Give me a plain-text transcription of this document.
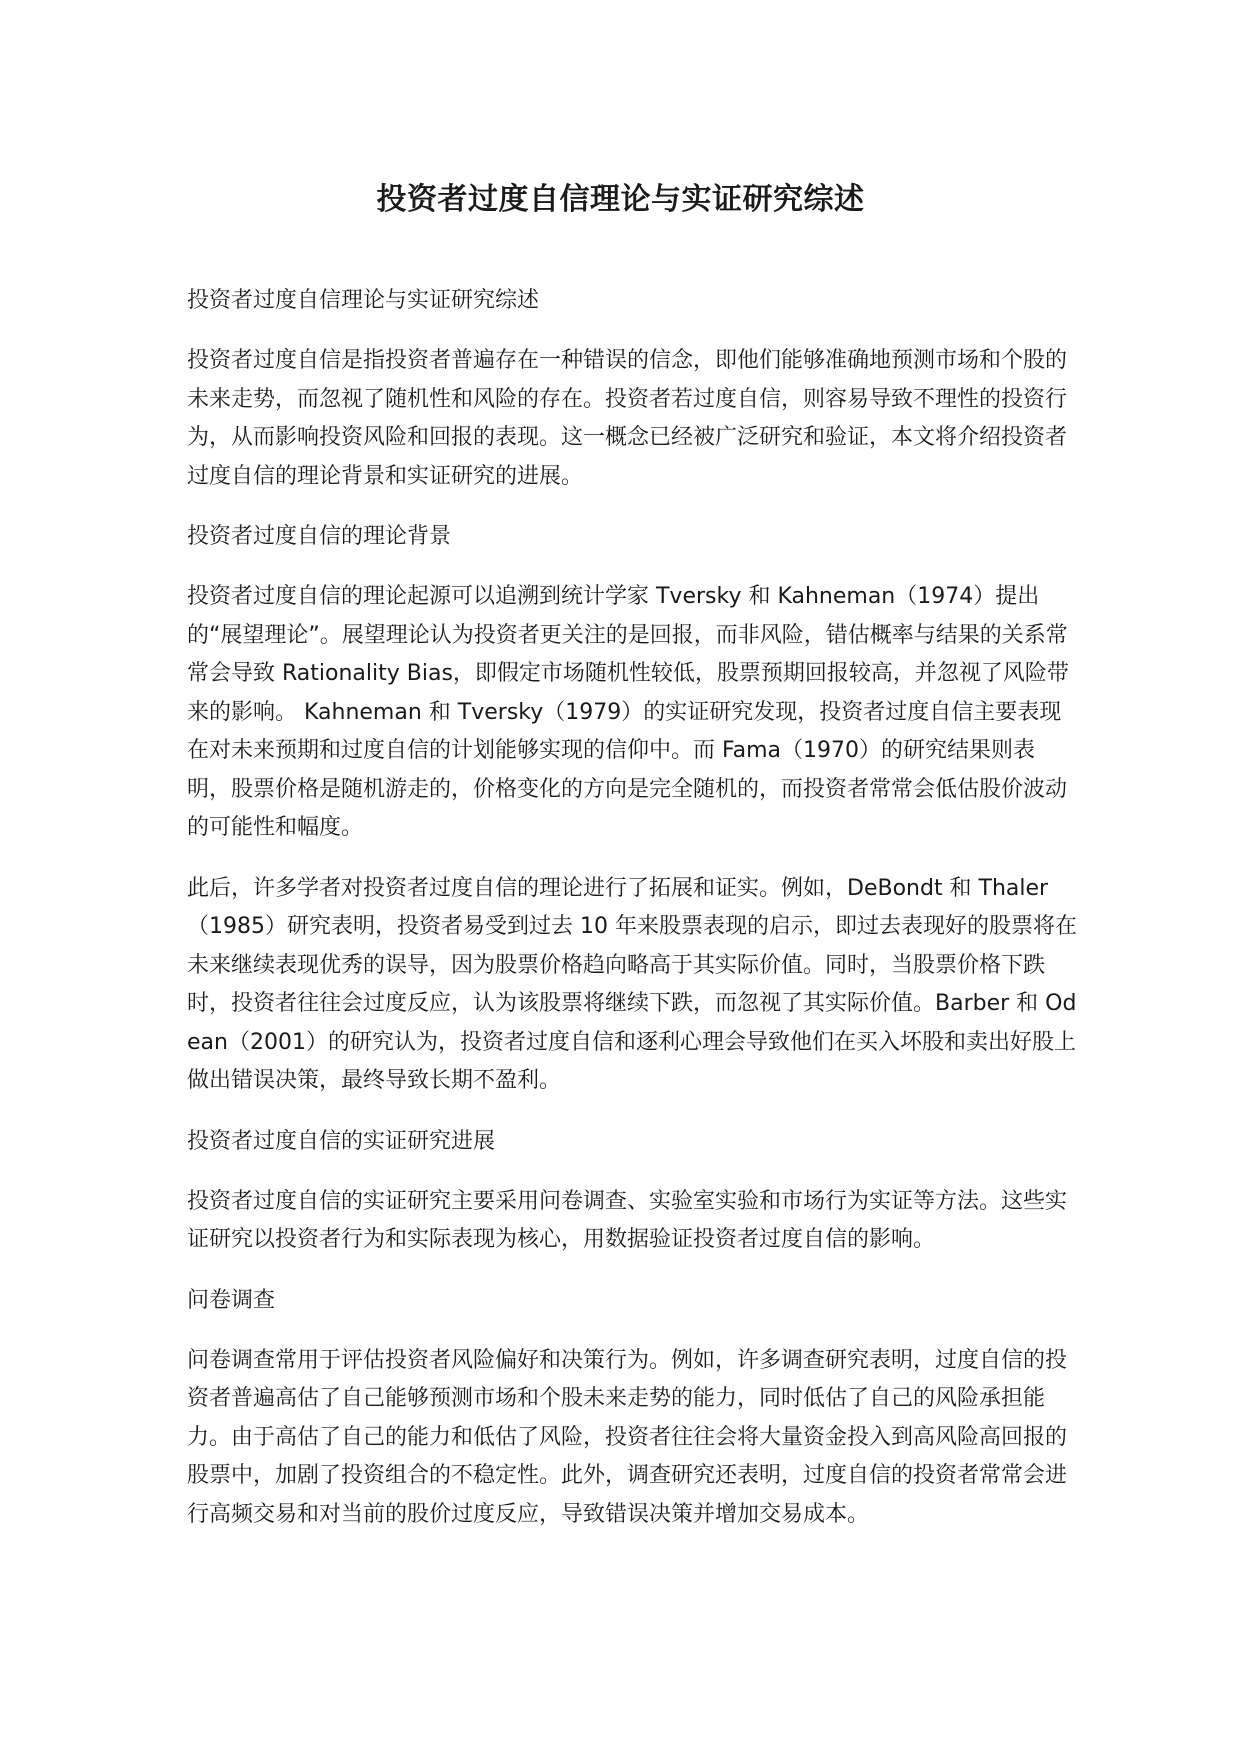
投资者过度自信理论与实证研究综述
投资者过度自信理论与实证研究综述

投资者过度自信是指投资者普遍存在一种错误的信念，即他们能够准确地预测市场和个股的未来走势，而忽视了随机性和风险的存在。投资者若过度自信，则容易导致不理性的投资行为，从而影响投资风险和回报的表现。这一概念已经被广泛研究和验证，本文将介绍投资者过度自信的理论背景和实证研究的进展。

投资者过度自信的理论背景

投资者过度自信的理论起源可以追溯到统计学家 Tversky 和 Kahneman（1974）提出的“展望理论”。展望理论认为投资者更关注的是回报，而非风险，错估概率与结果的关系常常会导致 Rationality Bias，即假定市场随机性较低，股票预期回报较高，并忽视了风险带来的影响。 Kahneman 和 Tversky（1979）的实证研究发现，投资者过度自信主要表现在对未来预期和过度自信的计划能够实现的信仰中。而 Fama（1970）的研究结果则表明，股票价格是随机游走的，价格变化的方向是完全随机的，而投资者常常会低估股价波动的可能性和幅度。

此后，许多学者对投资者过度自信的理论进行了拓展和证实。例如，DeBondt 和 Thaler（1985）研究表明，投资者易受到过去 10 年来股票表现的启示，即过去表现好的股票将在未来继续表现优秀的误导，因为股票价格趋向略高于其实际价值。同时，当股票价格下跌时，投资者往往会过度反应，认为该股票将继续下跌，而忽视了其实际价值。Barber 和 Odean（2001）的研究认为，投资者过度自信和逐利心理会导致他们在买入坏股和卖出好股上做出错误决策，最终导致长期不盈利。

投资者过度自信的实证研究进展

投资者过度自信的实证研究主要采用问卷调查、实验室实验和市场行为实证等方法。这些实证研究以投资者行为和实际表现为核心，用数据验证投资者过度自信的影响。

问卷调查

问卷调查常用于评估投资者风险偏好和决策行为。例如，许多调查研究表明，过度自信的投资者普遍高估了自己能够预测市场和个股未来走势的能力，同时低估了自己的风险承担能力。由于高估了自己的能力和低估了风险，投资者往往会将大量资金投入到高风险高回报的股票中，加剧了投资组合的不稳定性。此外，调查研究还表明，过度自信的投资者常常会进行高频交易和对当前的股价过度反应，导致错误决策并增加交易成本。
